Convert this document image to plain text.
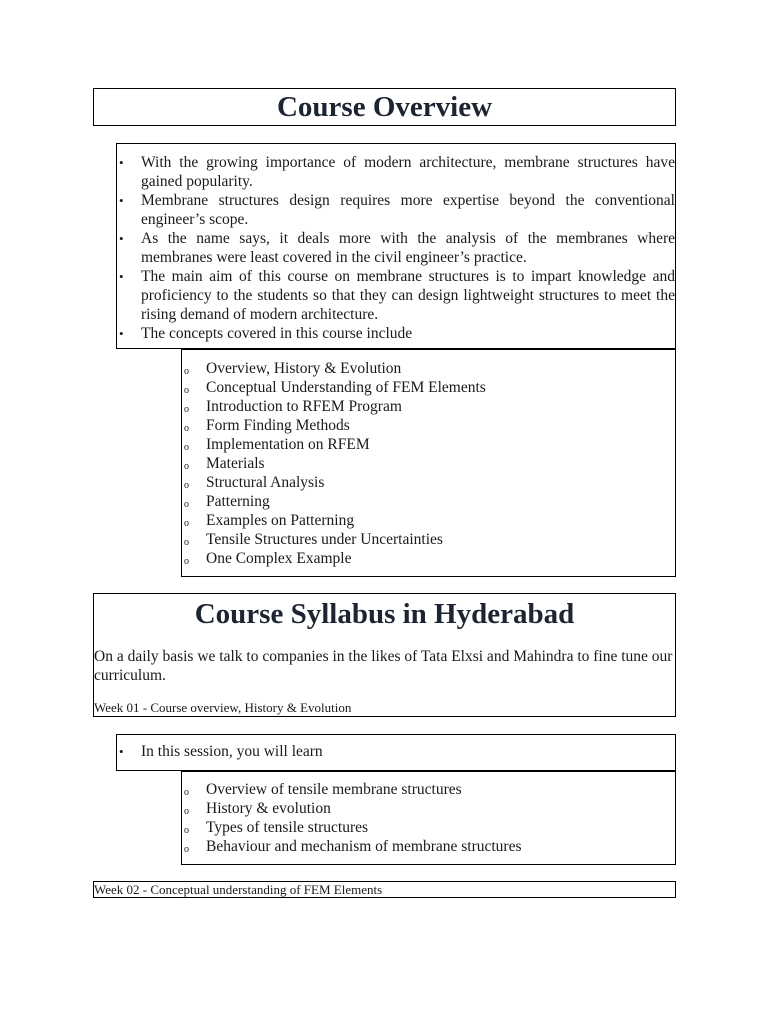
Course Overview
• With the growing importance of modern architecture, membrane structures have gained popularity.
• Membrane structures design requires more expertise beyond the conventional engineer’s scope.
• As the name says, it deals more with the analysis of the membranes where membranes were least covered in the civil engineer’s practice.
• The main aim of this course on membrane structures is to impart knowledge and proficiency to the students so that they can design lightweight structures to meet the rising demand of modern architecture.
• The concepts covered in this course include
o Overview, History & Evolution
o Conceptual Understanding of FEM Elements
o Introduction to RFEM Program
o Form Finding Methods
o Implementation on RFEM
o Materials
o Structural Analysis
o Patterning
o Examples on Patterning
o Tensile Structures under Uncertainties
o One Complex Example
Course Syllabus in Hyderabad

On a daily basis we talk to companies in the likes of Tata Elxsi and Mahindra to fine tune our curriculum.

Week 01 - Course overview, History & Evolution

• In this session, you will learn
o Overview of tensile membrane structures
o History & evolution
o Types of tensile structures
o Behaviour and mechanism of membrane structures

Week 02 - Conceptual understanding of FEM Elements
